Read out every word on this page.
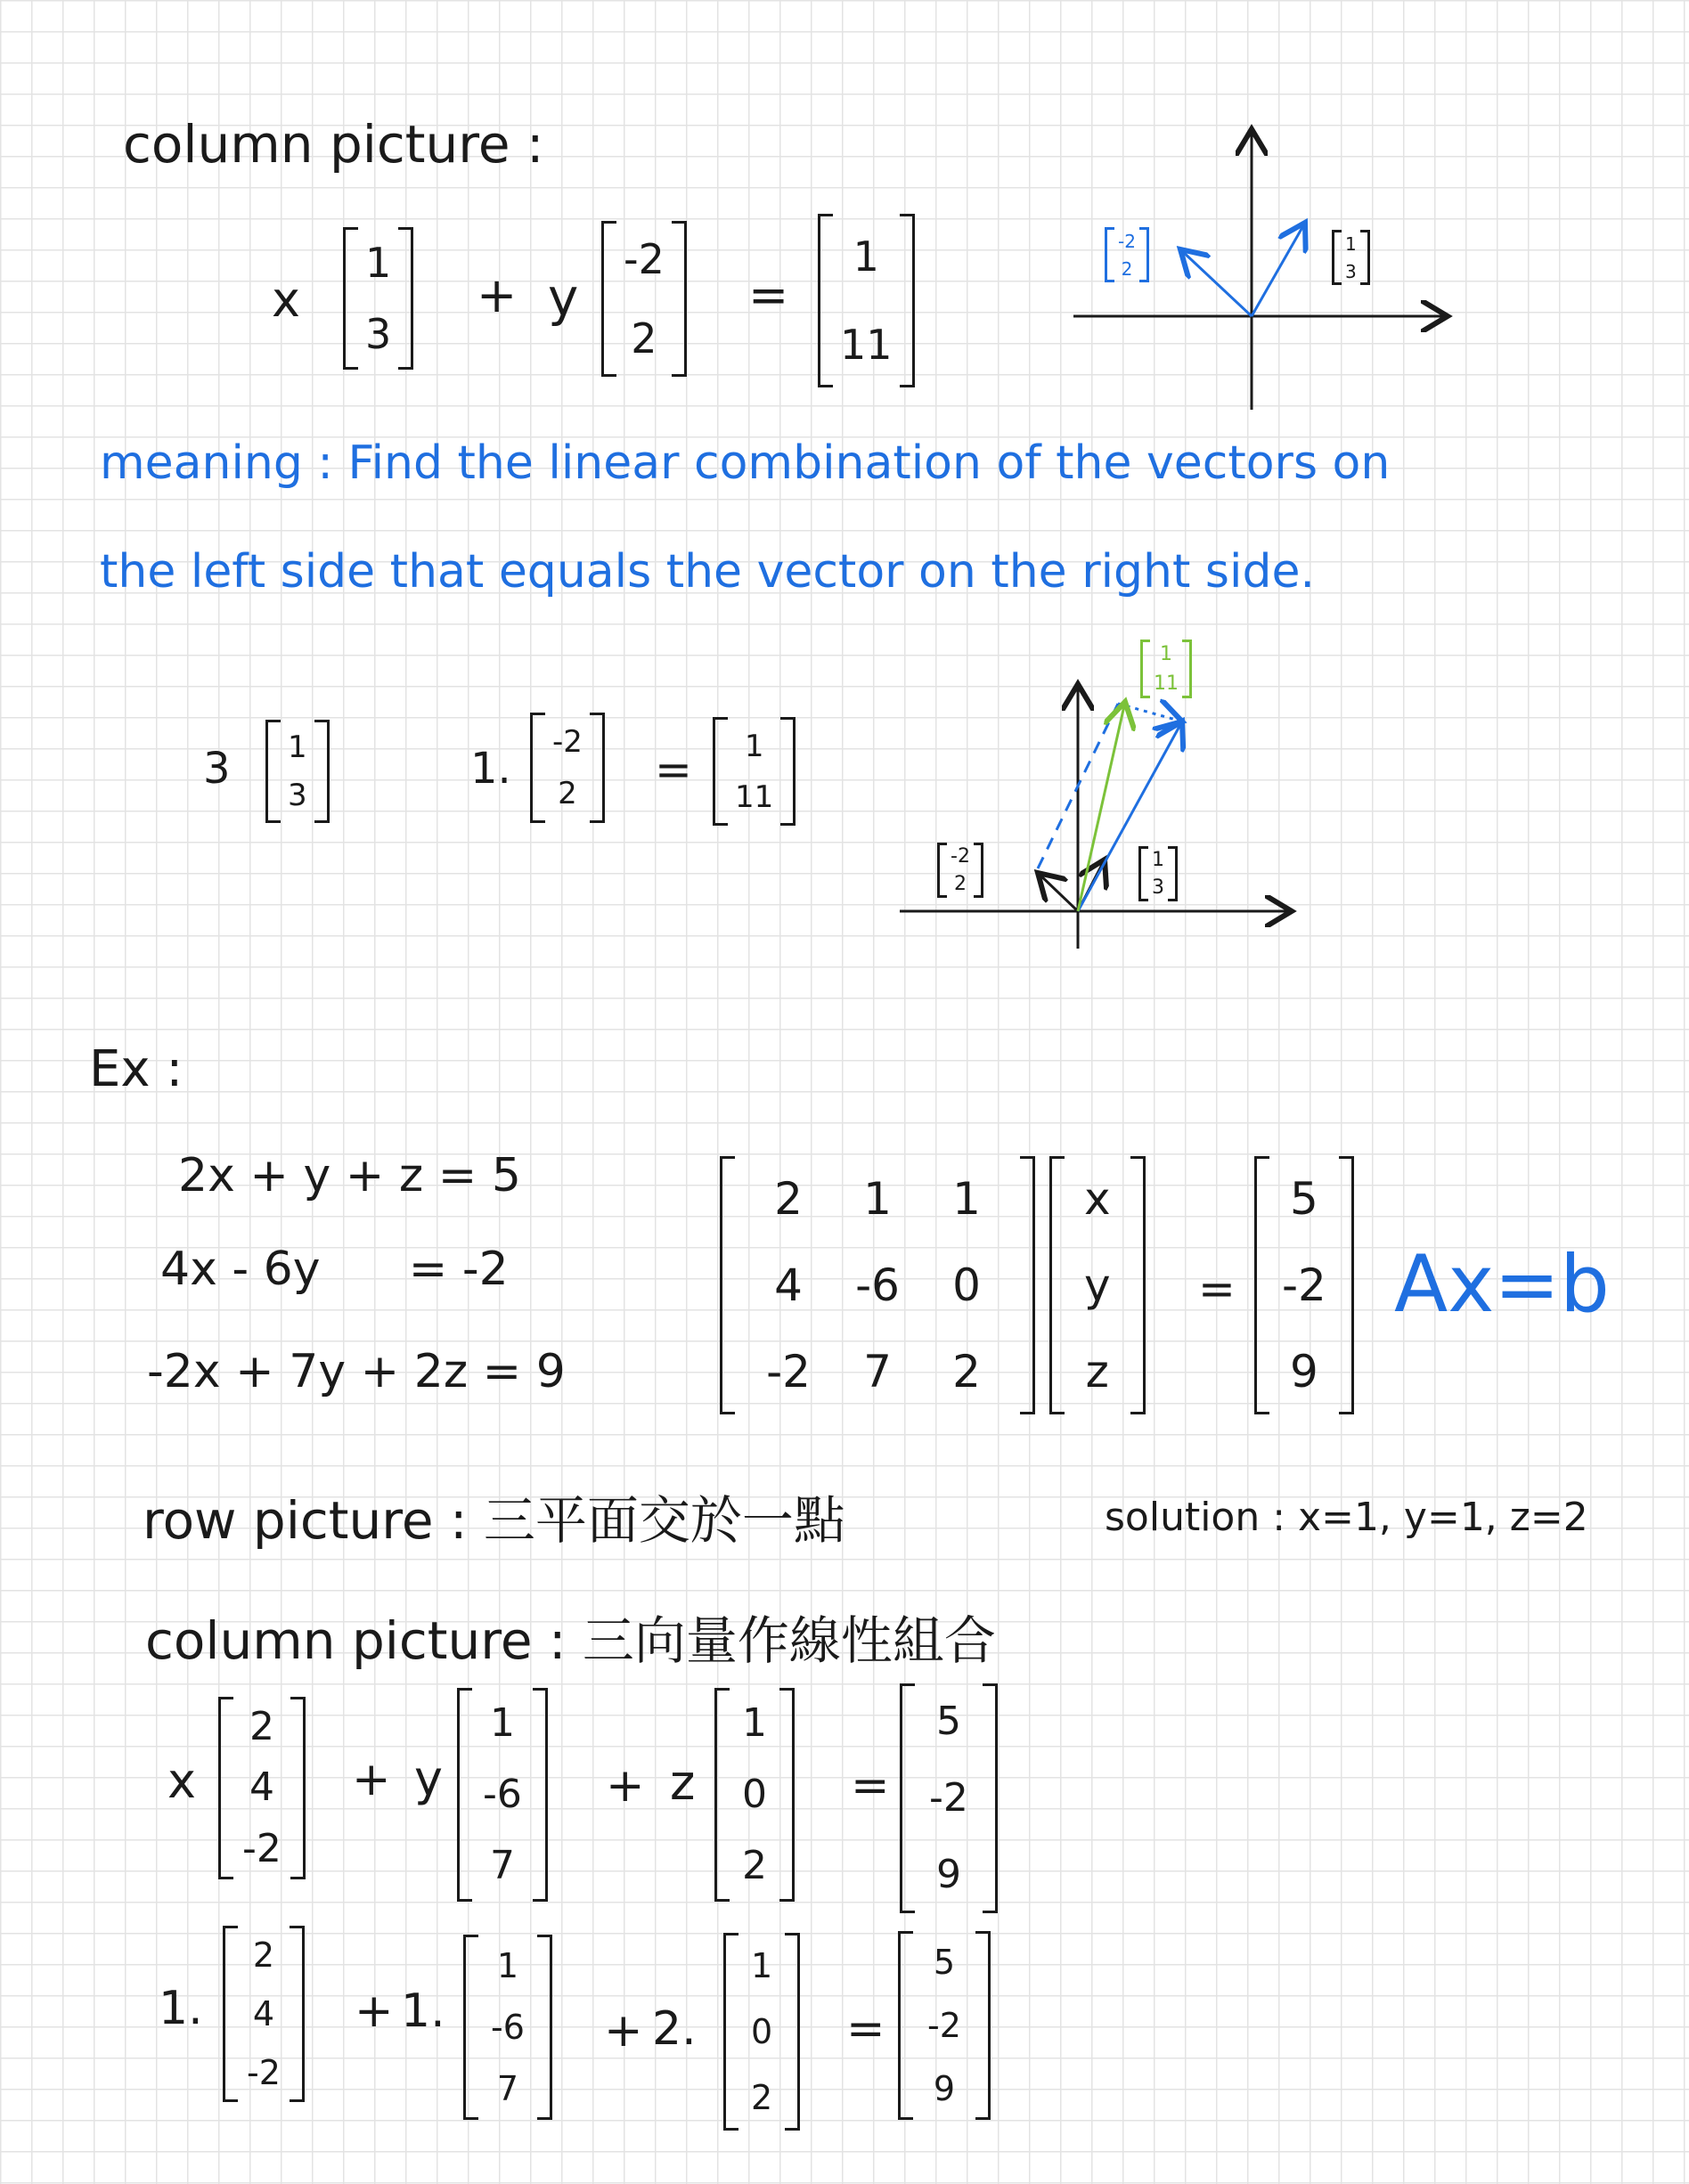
column picture :
x
1
3
+ y
-2
2
=
1
11
-2
2
1
3
meaning : Find the linear combination of the vectors on
the left side that equals the vector on the right side.
3 1
3
1.
-2
2 = 1
11
1
11
-2
2
1
3
Ex :
2x + y + z = 5
4x - 6y      = -2
-2x + 7y + 2z = 9
2 1 1
4 -6 0
-2 7 2
x
y
z
=
5
-2
9
Ax=b
row picture : 三平面交於一點	solution : x=1, y=1, z=2
column picture : 三向量作線性組合
x
2
4
-2
+ y
1
-6
7
+ z
1
0
2
=
5
-2
9
1.
2
4
-2
+ 1.
1
-6
7
+ 2.
1
0
2
=
5
-2
9
